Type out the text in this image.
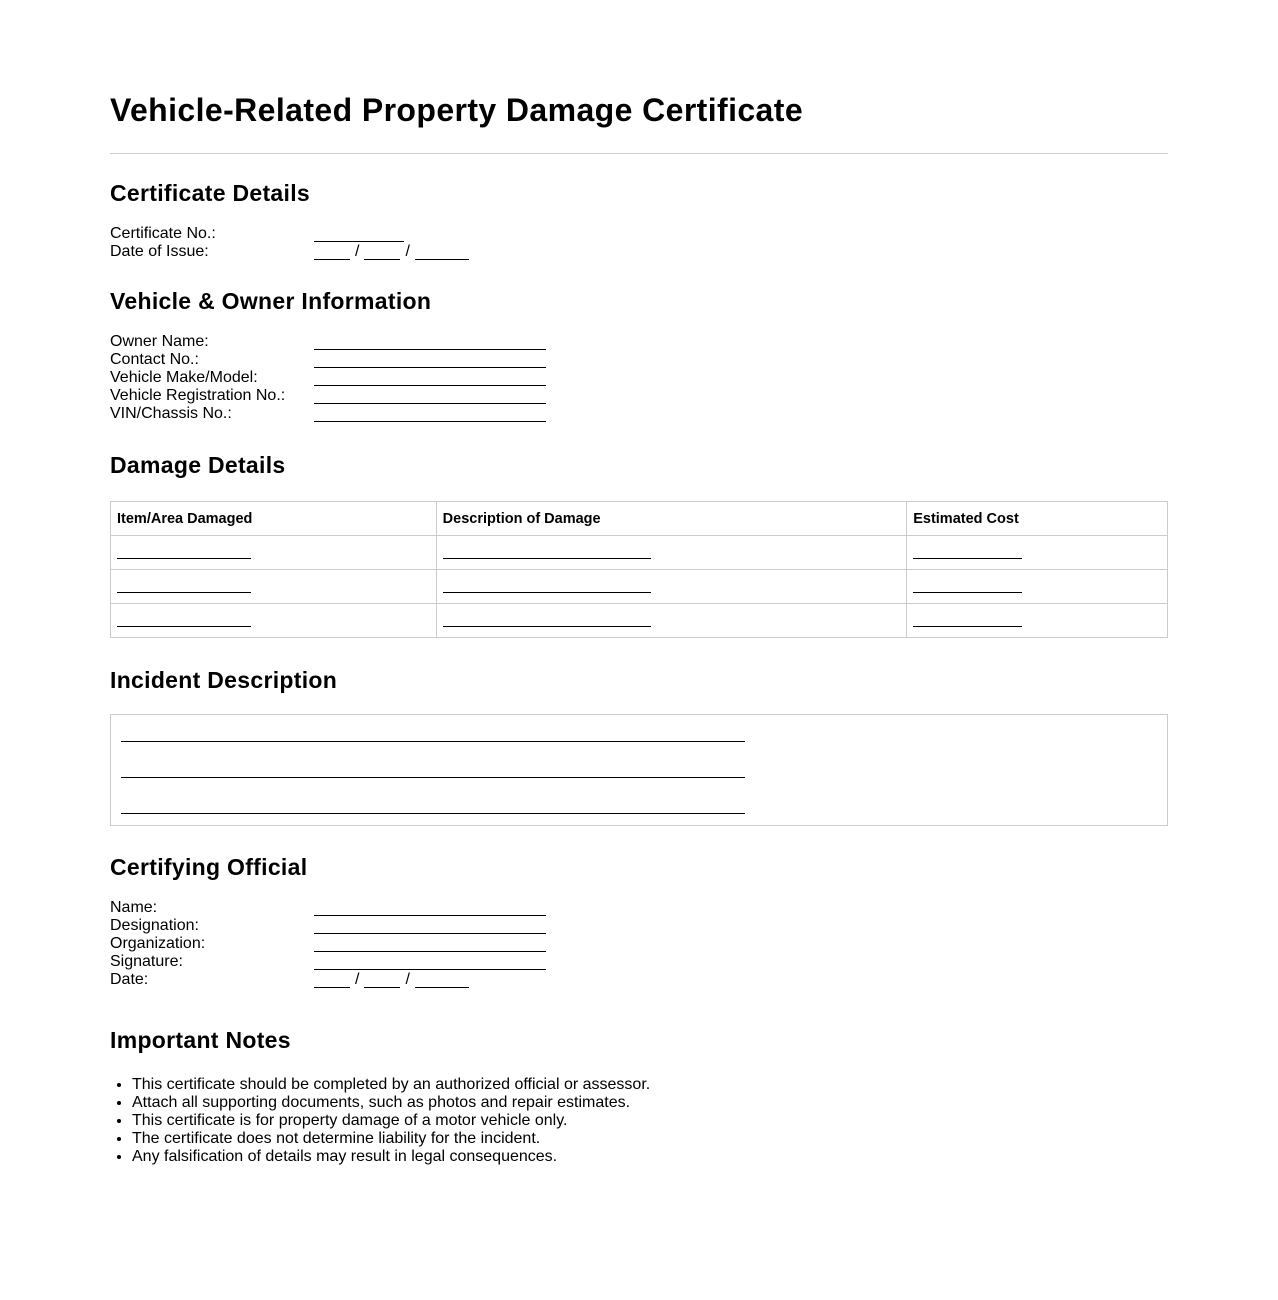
Vehicle-Related Property Damage Certificate
Certificate Details
Certificate No.:
Date of Issue:	/	/
Vehicle & Owner Information
Owner Name:
Contact No.:
Vehicle Make/Model:
Vehicle Registration No.:
VIN/Chassis No.:
Damage Details
Item/Area Damaged	Description of Damage	Estimated Cost

Incident Description
Certifying Official
Name:
Designation:
Organization:
Signature:
Date:	/	/
Important Notes
• This certificate should be completed by an authorized official or assessor.
• Attach all supporting documents, such as photos and repair estimates.
• This certificate is for property damage of a motor vehicle only.
• The certificate does not determine liability for the incident.
• Any falsification of details may result in legal consequences.
